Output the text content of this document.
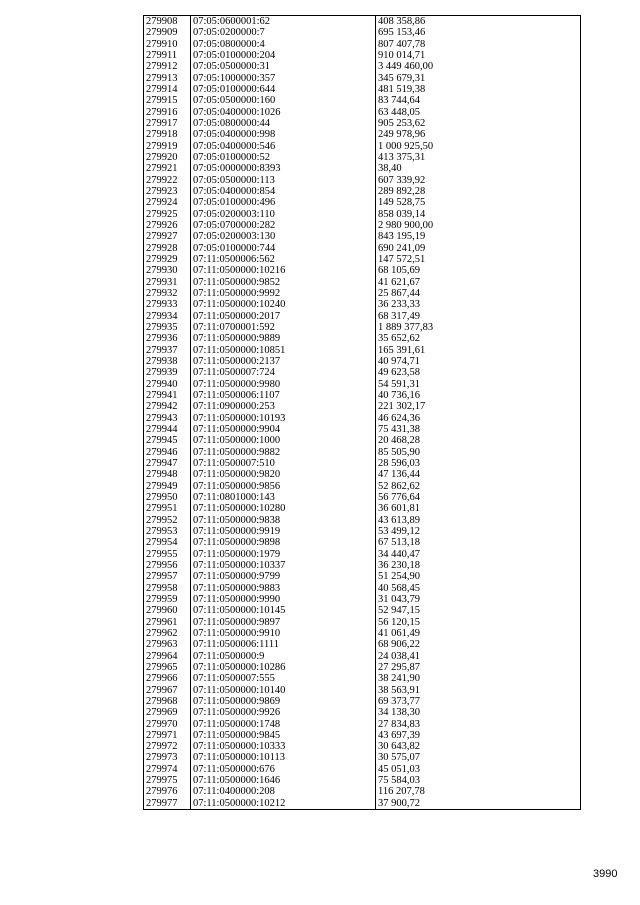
279908	07:05:0600001:62	408 358,86
279909	07:05:0200000:7	695 153,46
279910	07:05:0800000:4	807 407,78
279911	07:05:0100000:204	910 014,71
279912	07:05:0500000:31	3 449 460,00
279913	07:05:1000000:357	345 679,31
279914	07:05:0100000:644	481 519,38
279915	07:05:0500000:160	83 744,64
279916	07:05:0400000:1026	63 448,05
279917	07:05:0800000:44	905 253,62
279918	07:05:0400000:998	249 978,96
279919	07:05:0400000:546	1 000 925,50
279920	07:05:0100000:52	413 375,31
279921	07:05:0000000:8393	38,40
279922	07:05:0500000:113	607 339,92
279923	07:05:0400000:854	289 892,28
279924	07:05:0100000:496	149 528,75
279925	07:05:0200003:110	858 039,14
279926	07:05:0700000:282	2 980 900,00
279927	07:05:0200003:130	843 195,19
279928	07:05:0100000:744	690 241,09
279929	07:11:0500006:562	147 572,51
279930	07:11:0500000:10216	68 105,69
279931	07:11:0500000:9852	41 621,67
279932	07:11:0500000:9992	25 867,44
279933	07:11:0500000:10240	36 233,33
279934	07:11:0500000:2017	68 317,49
279935	07:11:0700001:592	1 889 377,83
279936	07:11:0500000:9889	35 652,62
279937	07:11:0500000:10851	165 391,61
279938	07:11:0500000:2137	40 974,71
279939	07:11:0500007:724	49 623,58
279940	07:11:0500000:9980	54 591,31
279941	07:11:0500006:1107	40 736,16
279942	07:11:0900000:253	221 302,17
279943	07:11:0500000:10193	46 624,36
279944	07:11:0500000:9904	75 431,38
279945	07:11:0500000:1000	20 468,28
279946	07:11:0500000:9882	85 505,90
279947	07:11:0500007:510	28 596,03
279948	07:11:0500000:9820	47 136,44
279949	07:11:0500000:9856	52 862,62
279950	07:11:0801000:143	56 776,64
279951	07:11:0500000:10280	36 601,81
279952	07:11:0500000:9838	43 613,89
279953	07:11:0500000:9919	53 499,12
279954	07:11:0500000:9898	67 513,18
279955	07:11:0500000:1979	34 440,47
279956	07:11:0500000:10337	36 230,18
279957	07:11:0500000:9799	51 254,90
279958	07:11:0500000:9883	40 568,45
279959	07:11:0500000:9990	31 043,79
279960	07:11:0500000:10145	52 947,15
279961	07:11:0500000:9897	56 120,15
279962	07:11:0500000:9910	41 061,49
279963	07:11:0500006:1111	68 906,22
279964	07:11:0500000:9	24 038,41
279965	07:11:0500000:10286	27 295,87
279966	07:11:0500007:555	38 241,90
279967	07:11:0500000:10140	38 563,91
279968	07:11:0500000:9869	69 373,77
279969	07:11:0500000:9926	34 138,30
279970	07:11:0500000:1748	27 834,83
279971	07:11:0500000:9845	43 697,39
279972	07:11:0500000:10333	30 643,82
279973	07:11:0500000:10113	30 575,07
279974	07:11:0500000:676	45 051,03
279975	07:11:0500000:1646	75 584,03
279976	07:11:0400000:208	116 207,78
279977	07:11:0500000:10212	37 900,72
3990
